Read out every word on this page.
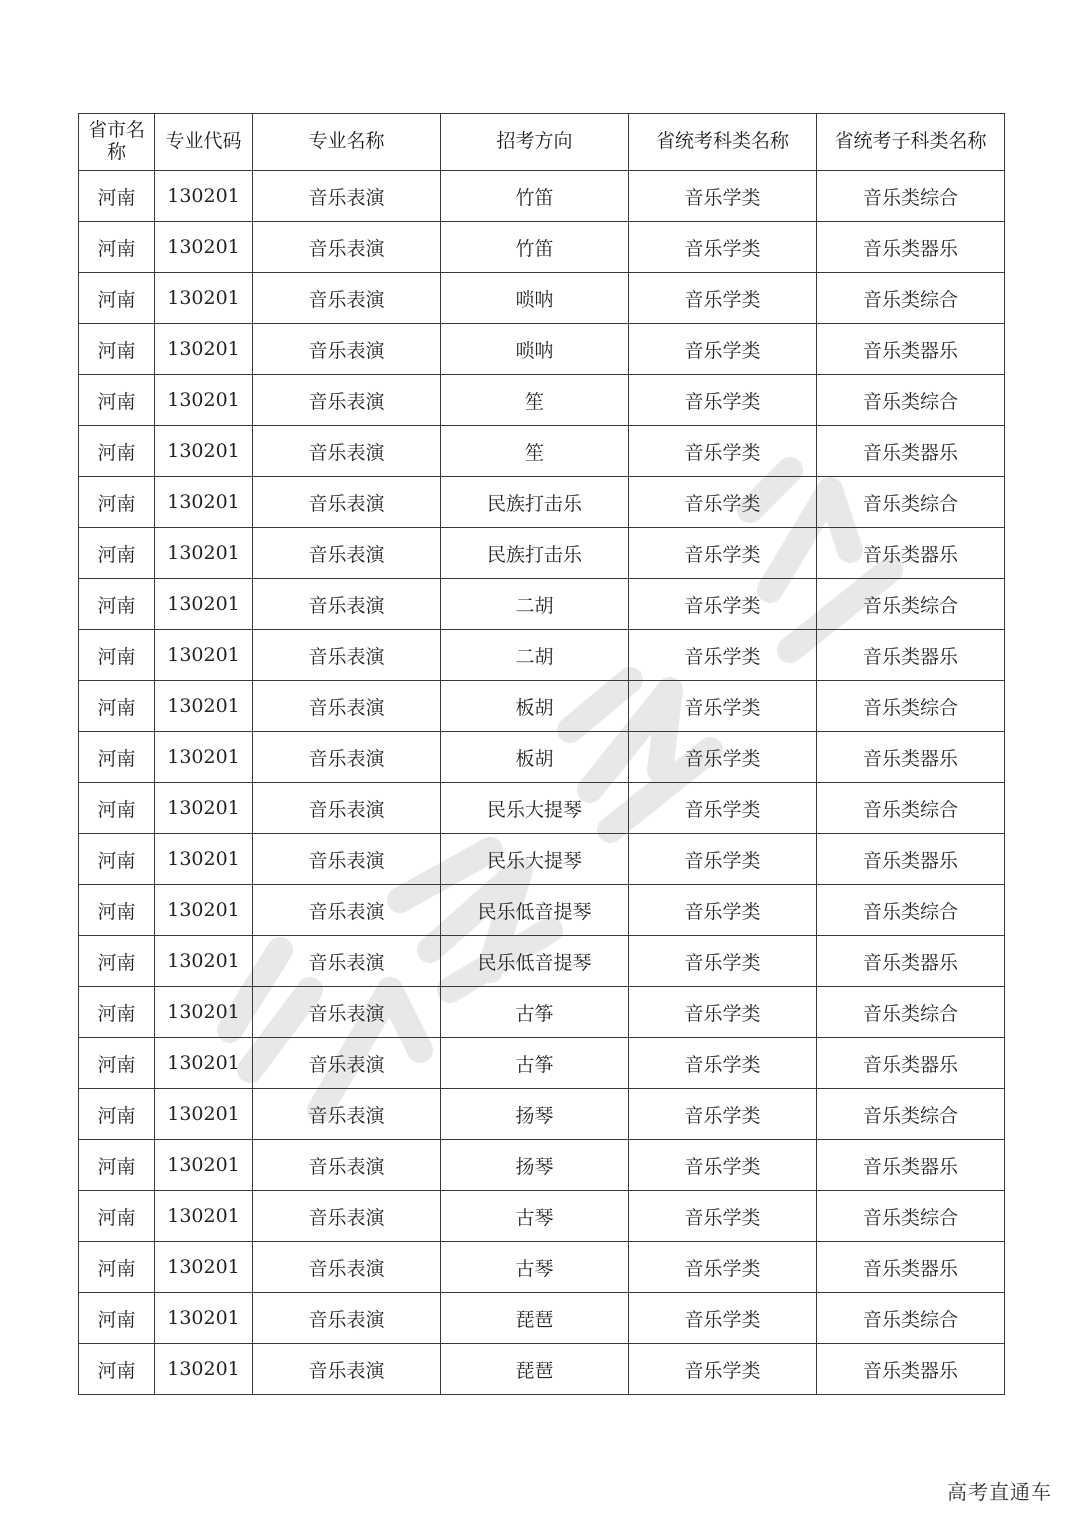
省市名称	专业代码	专业名称	招考方向	省统考科类名称	省统考子科类名称
河南	130201	音乐表演	竹笛	音乐学类	音乐类综合
河南	130201	音乐表演	竹笛	音乐学类	音乐类器乐
河南	130201	音乐表演	唢呐	音乐学类	音乐类综合
河南	130201	音乐表演	唢呐	音乐学类	音乐类器乐
河南	130201	音乐表演	笙	音乐学类	音乐类综合
河南	130201	音乐表演	笙	音乐学类	音乐类器乐
河南	130201	音乐表演	民族打击乐	音乐学类	音乐类综合
河南	130201	音乐表演	民族打击乐	音乐学类	音乐类器乐
河南	130201	音乐表演	二胡	音乐学类	音乐类综合
河南	130201	音乐表演	二胡	音乐学类	音乐类器乐
河南	130201	音乐表演	板胡	音乐学类	音乐类综合
河南	130201	音乐表演	板胡	音乐学类	音乐类器乐
河南	130201	音乐表演	民乐大提琴	音乐学类	音乐类综合
河南	130201	音乐表演	民乐大提琴	音乐学类	音乐类器乐
河南	130201	音乐表演	民乐低音提琴	音乐学类	音乐类综合
河南	130201	音乐表演	民乐低音提琴	音乐学类	音乐类器乐
河南	130201	音乐表演	古筝	音乐学类	音乐类综合
河南	130201	音乐表演	古筝	音乐学类	音乐类器乐
河南	130201	音乐表演	扬琴	音乐学类	音乐类综合
河南	130201	音乐表演	扬琴	音乐学类	音乐类器乐
河南	130201	音乐表演	古琴	音乐学类	音乐类综合
河南	130201	音乐表演	古琴	音乐学类	音乐类器乐
河南	130201	音乐表演	琵琶	音乐学类	音乐类综合
河南	130201	音乐表演	琵琶	音乐学类	音乐类器乐
高考直通车
